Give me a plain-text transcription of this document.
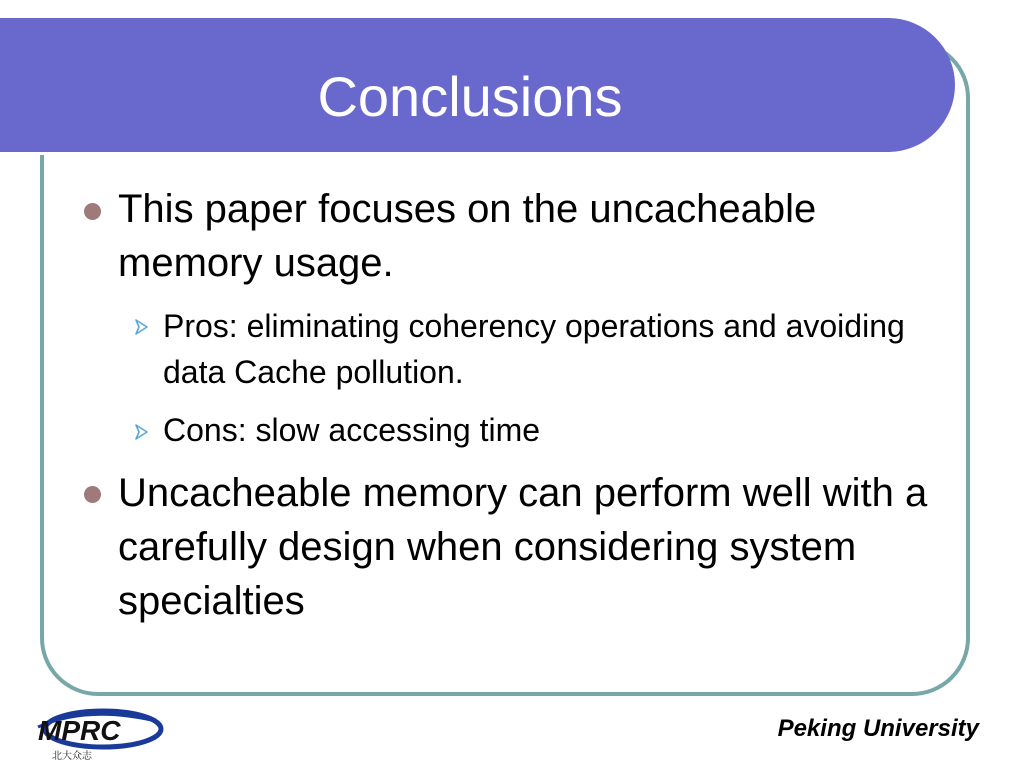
Conclusions
This paper focuses on the uncacheable memory usage.
Pros: eliminating coherency operations and avoiding data Cache pollution.
Cons: slow accessing time
Uncacheable memory can perform well with a carefully design when considering system specialties
MPRC
北大众志
Peking University
